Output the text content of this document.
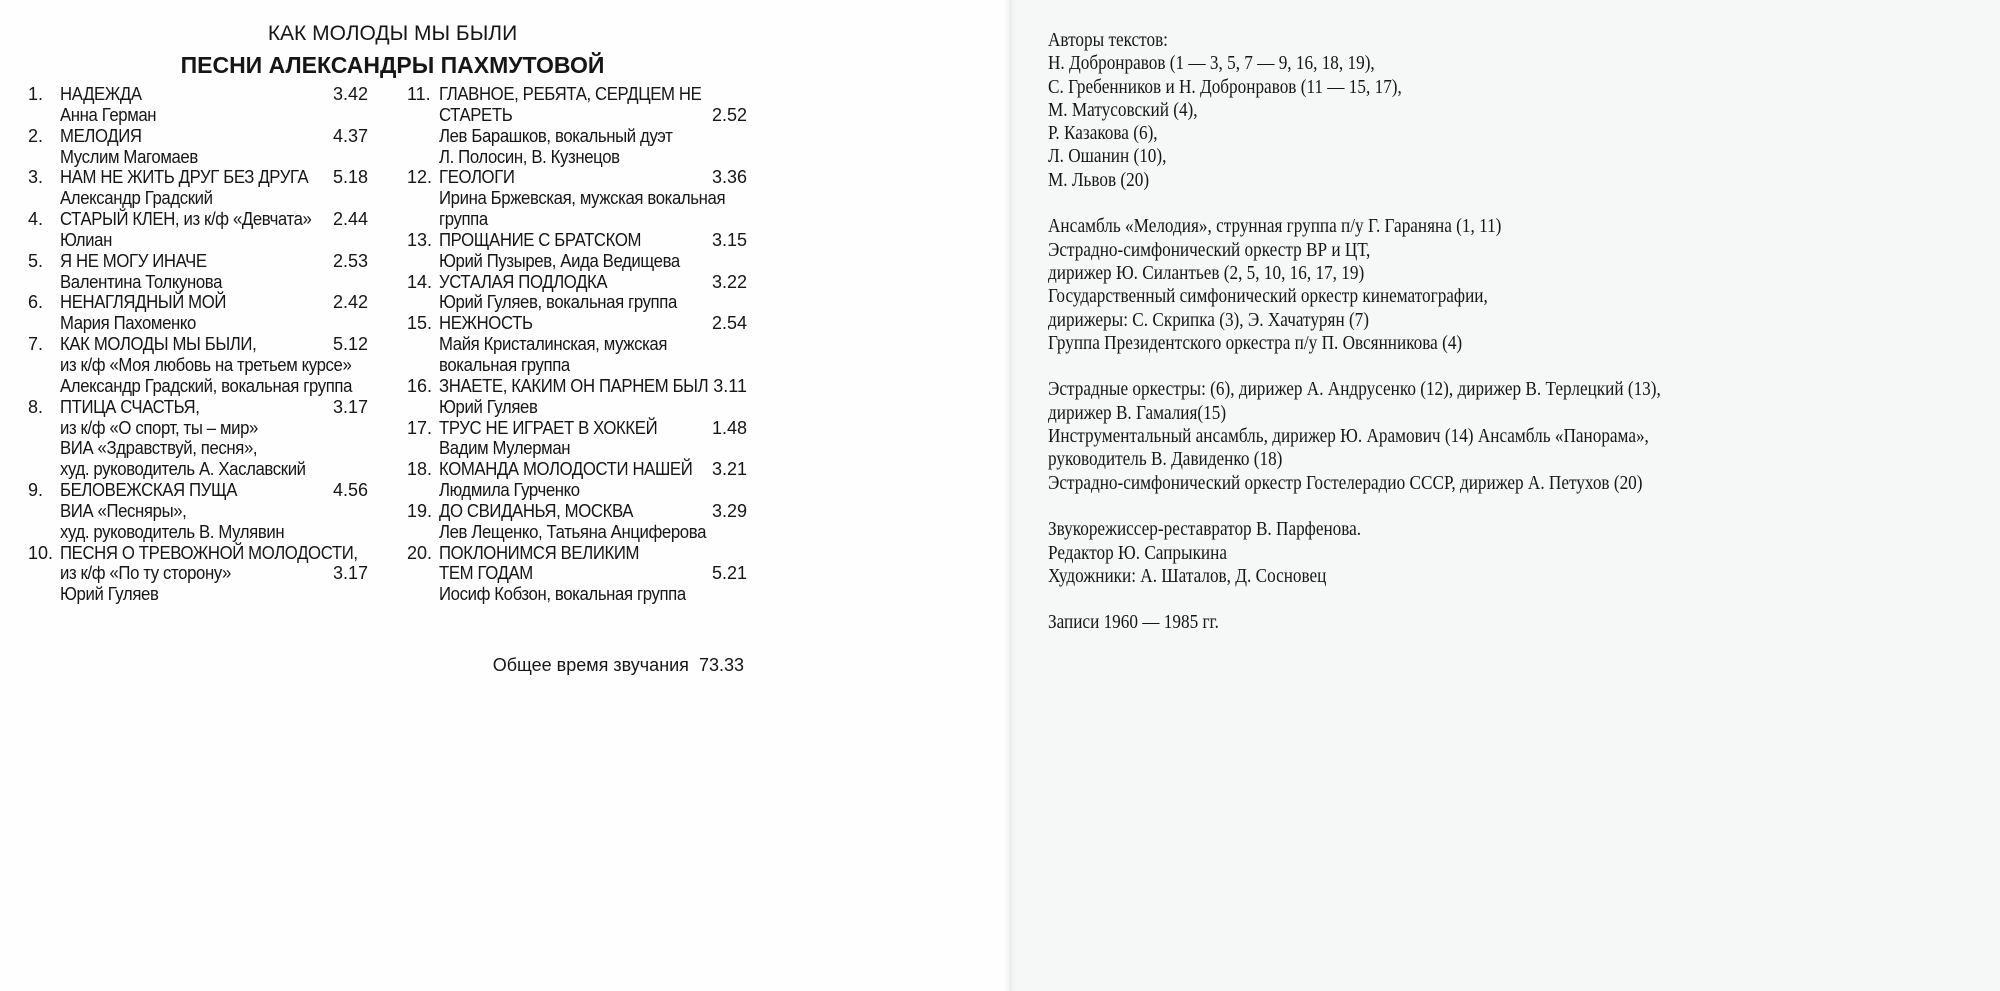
КАК МОЛОДЫ МЫ БЫЛИ
ПЕСНИ АЛЕКСАНДРЫ ПАХМУТОВОЙ
1. НАДЕЖДА	3.42
Анна Герман
2. МЕЛОДИЯ	4.37
Муслим Магомаев
3. НАМ НЕ ЖИТЬ ДРУГ БЕЗ ДРУГА 5.18
Александр Градский
4. СТАРЫЙ КЛЕН, из к/ф «Девчата» 2.44
Юлиан
5. Я НЕ МОГУ ИНАЧЕ	2.53
Валентина Толкунова
6. НЕНАГЛЯДНЫЙ МОЙ	2.42
Мария Пахоменко
7. КАК МОЛОДЫ МЫ БЫЛИ,	5.12
из к/ф «Моя любовь на третьем курсе»
Александр Градский, вокальная группа
8. ПТИЦА СЧАСТЬЯ,	3.17
из к/ф «О спорт, ты – мир»
ВИА «Здравствуй, песня»,
худ. руководитель А. Хаславский
9. БЕЛОВЕЖСКАЯ ПУЩА	4.56
ВИА «Песняры»,
худ. руководитель В. Мулявин
10. ПЕСНЯ О ТРЕВОЖНОЙ МОЛОДОСТИ,
из к/ф «По ту сторону»	3.17
Юрий Гуляев
11. ГЛАВНОЕ, РЕБЯТА, СЕРДЦЕМ НЕ
СТАРЕТЬ	2.52
Лев Барашков, вокальный дуэт
Л. Полосин, В. Кузнецов
12. ГЕОЛОГИ	3.36
Ирина Бржевская, мужская вокальная
группа
13. ПРОЩАНИЕ С БРАТСКОМ	3.15
Юрий Пузырев, Аида Ведищева
14. УСТАЛАЯ ПОДЛОДКА	3.22
Юрий Гуляев, вокальная группа
15. НЕЖНОСТЬ	2.54
Майя Кристалинская, мужская
вокальная группа
16. ЗНАЕТЕ, КАКИМ ОН ПАРНЕМ БЫЛ 3.11
Юрий Гуляев
17. ТРУС НЕ ИГРАЕТ В ХОККЕЙ	1.48
Вадим Мулерман
18. КОМАНДА МОЛОДОСТИ НАШЕЙ 3.21
Людмила Гурченко
19. ДО СВИДАНЬЯ, МОСКВА	3.29
Лев Лещенко, Татьяна Анциферова
20. ПОКЛОНИМСЯ ВЕЛИКИМ
ТЕМ ГОДАМ	5.21
Иосиф Кобзон, вокальная группа
Общее время звучания 73.33
Авторы текстов:
Н. Добронравов (1 — 3, 5, 7 — 9, 16, 18, 19),
С. Гребенников и Н. Добронравов (11 — 15, 17),
М. Матусовский (4),
Р. Казакова (6),
Л. Ошанин (10),
М. Львов (20)
Ансамбль «Мелодия», струнная группа п/у Г. Гараняна (1, 11)
Эстрадно-симфонический оркестр ВР и ЦТ,
дирижер Ю. Силантьев (2, 5, 10, 16, 17, 19)
Государственный симфонический оркестр кинематографии,
дирижеры: С. Скрипка (3), Э. Хачатурян (7)
Группа Президентского оркестра п/у П. Овсянникова (4)
Эстрадные оркестры: (6), дирижер А. Андрусенко (12), дирижер В. Терлецкий (13),
дирижер В. Гамалия(15)
Инструментальный ансамбль, дирижер Ю. Арамович (14) Ансамбль «Панорама»,
руководитель В. Давиденко (18)
Эстрадно-симфонический оркестр Гостелерадио СССР, дирижер А. Петухов (20)
Звукорежиссер-реставратор В. Парфенова.
Редактор Ю. Сапрыкина
Художники: А. Шаталов, Д. Сосновец
Записи 1960 — 1985 гг.
